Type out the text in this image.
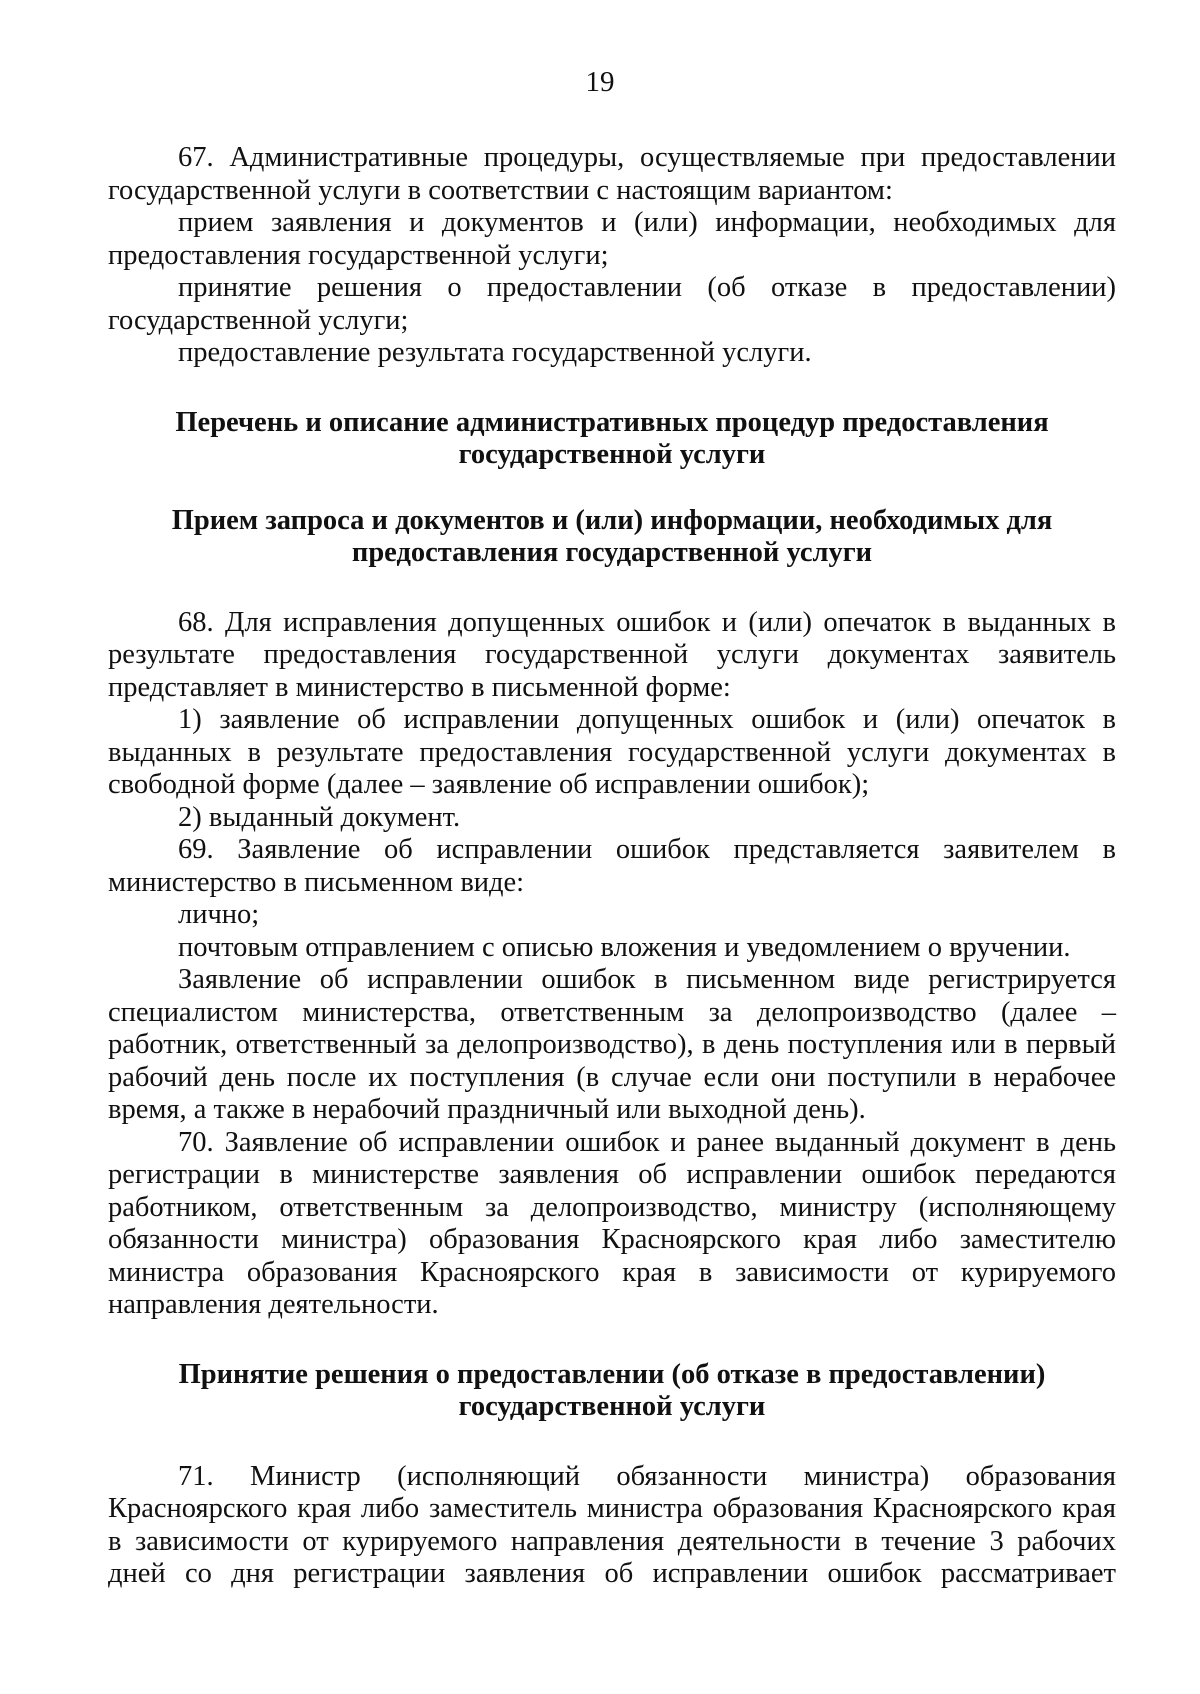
19

67. Административные процедуры, осуществляемые при предоставлении государственной услуги в соответствии с настоящим вариантом:

прием заявления и документов и (или) информации, необходимых для предоставления государственной услуги;

принятие решения о предоставлении (об отказе в предоставлении) государственной услуги;

предоставление результата государственной услуги.

Перечень и описание административных процедур предоставления государственной услуги

Прием запроса и документов и (или) информации, необходимых для предоставления государственной услуги

68. Для исправления допущенных ошибок и (или) опечаток в выданных в результате предоставления государственной услуги документах заявитель представляет в министерство в письменной форме:

1) заявление об исправлении допущенных ошибок и (или) опечаток в выданных в результате предоставления государственной услуги документах в свободной форме (далее – заявление об исправлении ошибок);

2) выданный документ.

69. Заявление об исправлении ошибок представляется заявителем в министерство в письменном виде:

лично;

почтовым отправлением с описью вложения и уведомлением о вручении.

Заявление об исправлении ошибок в письменном виде регистрируется специалистом министерства, ответственным за делопроизводство (далее – работник, ответственный за делопроизводство), в день поступления или в первый рабочий день после их поступления (в случае если они поступили в нерабочее время, а также в нерабочий праздничный или выходной день).

70. Заявление об исправлении ошибок и ранее выданный документ в день регистрации в министерстве заявления об исправлении ошибок передаются работником, ответственным за делопроизводство, министру (исполняющему обязанности министра) образования Красноярского края либо заместителю министра образования Красноярского края в зависимости от курируемого направления деятельности.

Принятие решения о предоставлении (об отказе в предоставлении) государственной услуги

71. Министр (исполняющий обязанности министра) образования Красноярского края либо заместитель министра образования Красноярского края в зависимости от курируемого направления деятельности в течение 3 рабочих дней со дня регистрации заявления об исправлении ошибок рассматривает
